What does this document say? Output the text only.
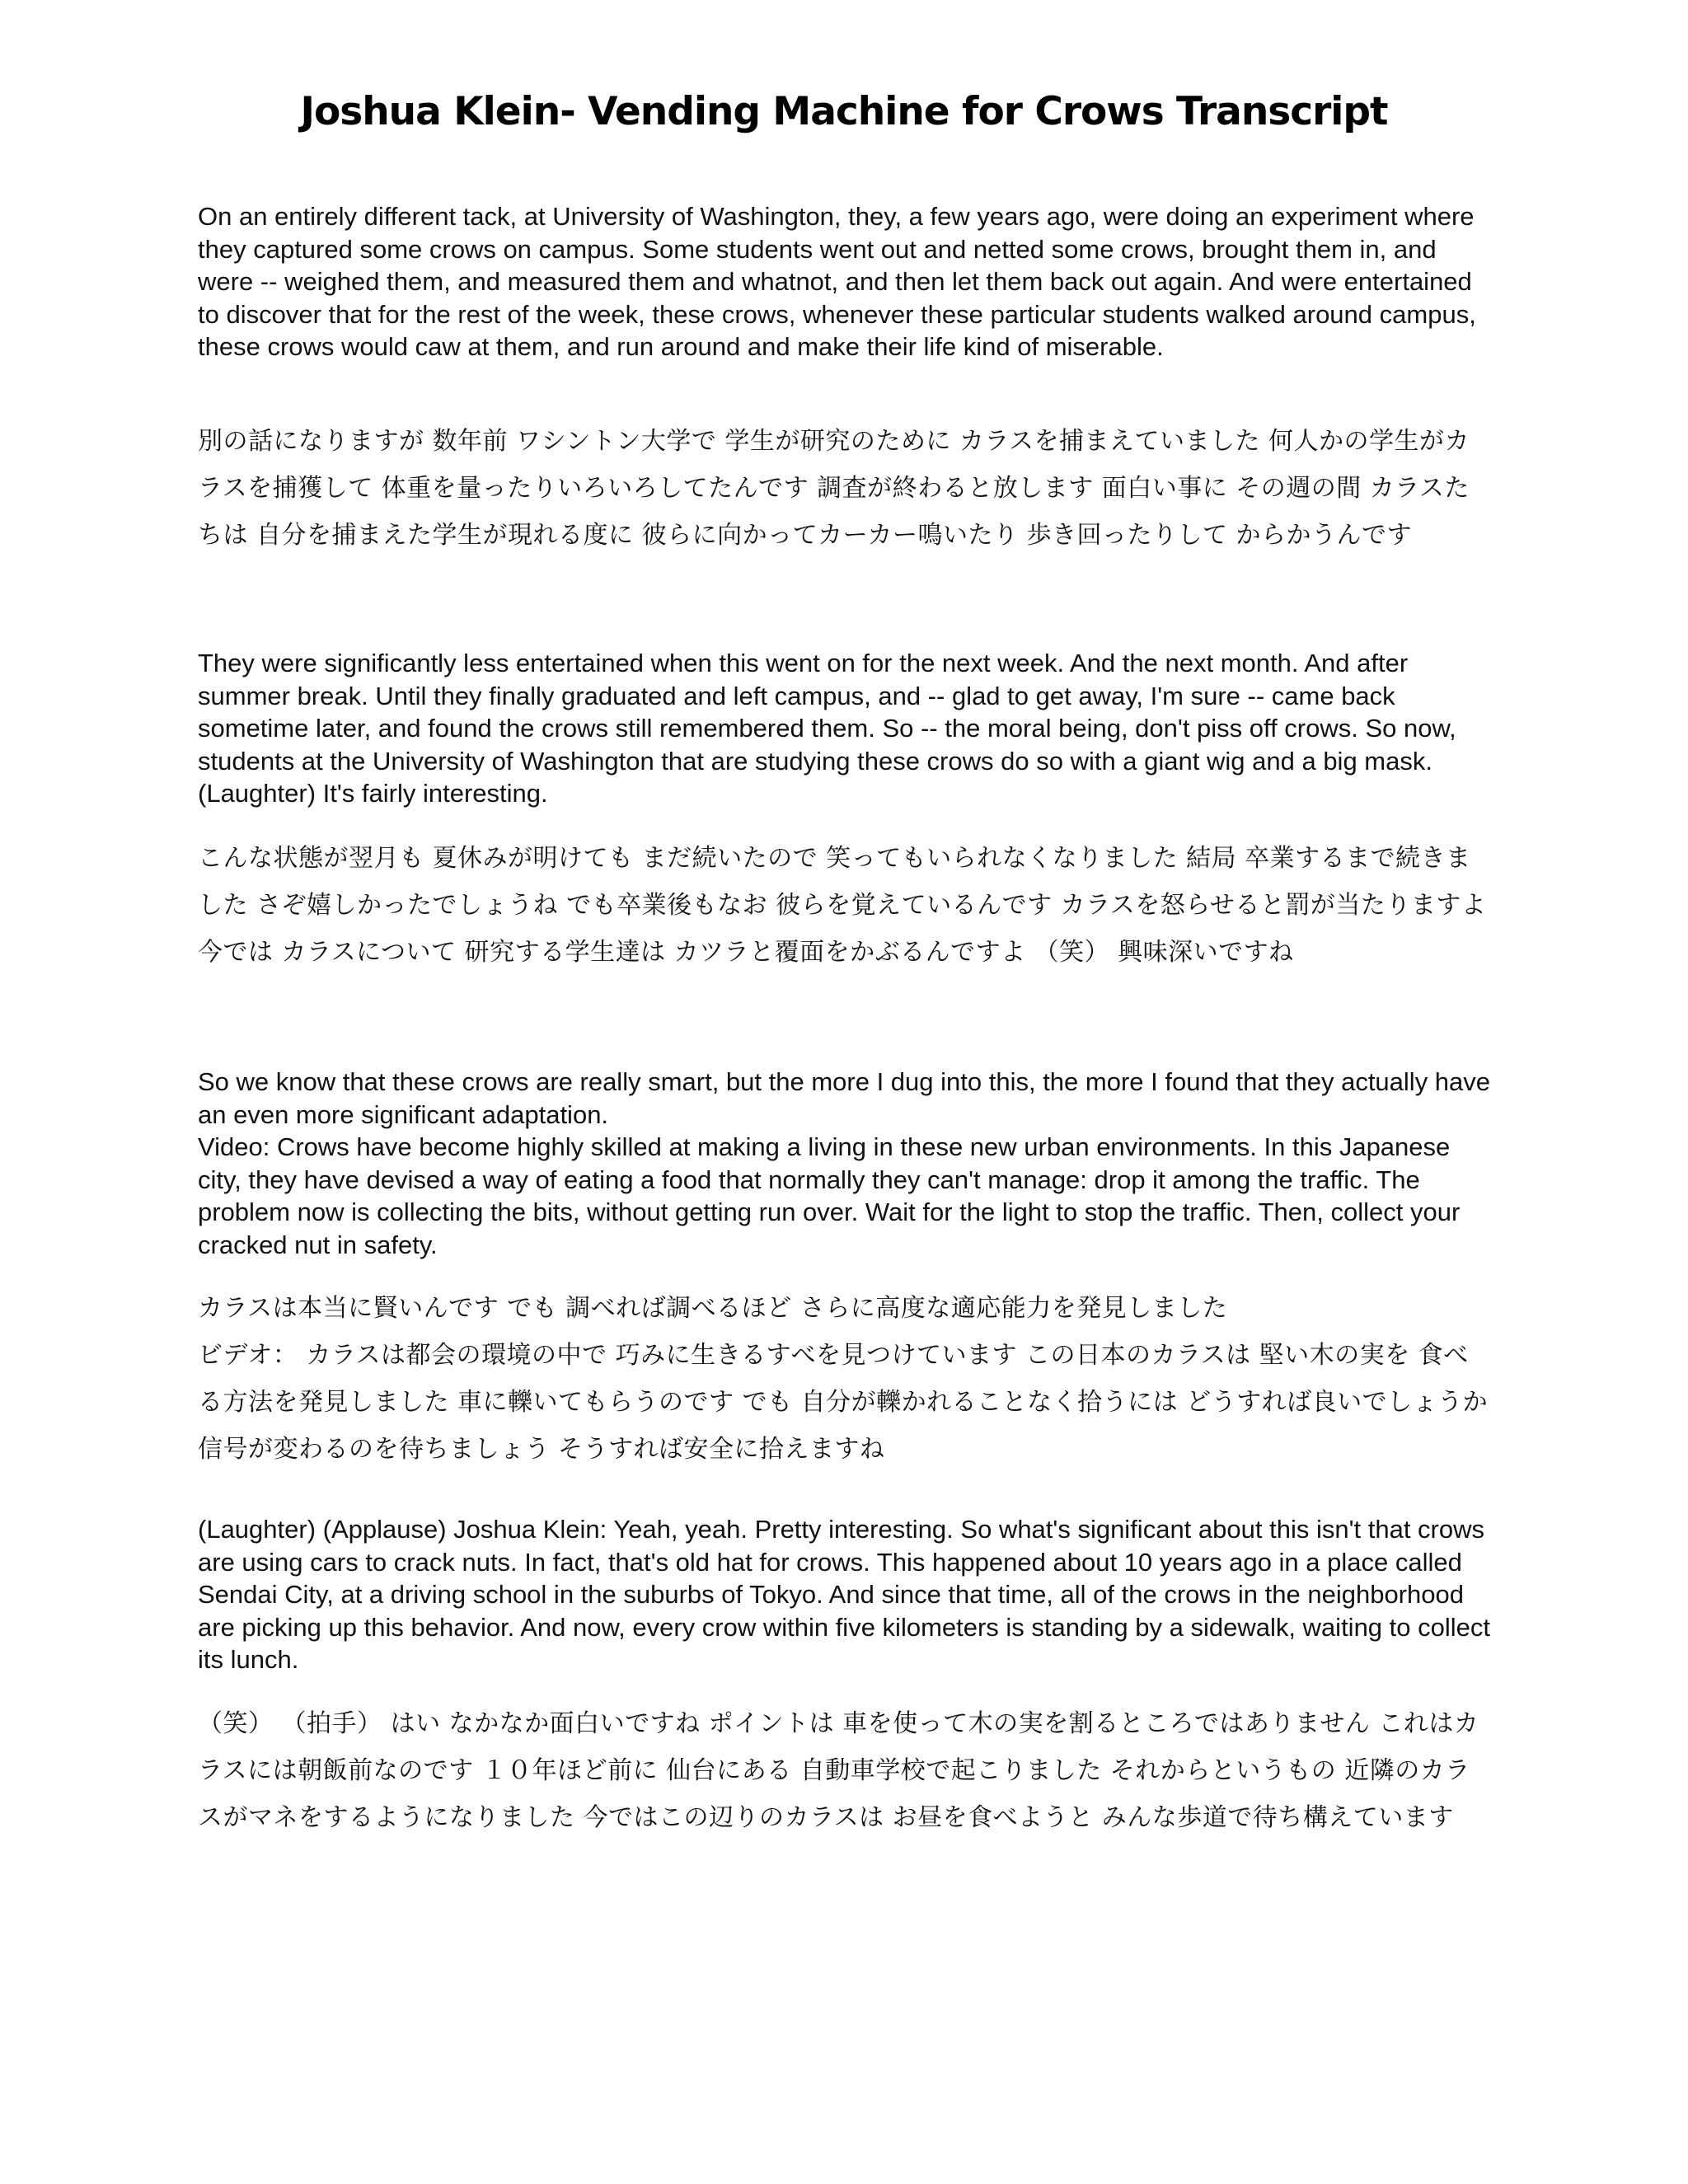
Joshua Klein- Vending Machine for Crows Transcript

On an entirely different tack, at University of Washington, they, a few years ago, were doing an experiment where they captured some crows on campus. Some students went out and netted some crows, brought them in, and were -- weighed them, and measured them and whatnot, and then let them back out again. And were entertained to discover that for the rest of the week, these crows, whenever these particular students walked around campus, these crows would caw at them, and run around and make their life kind of miserable.

別の話になりますが 数年前 ワシントン大学で 学生が研究のために カラスを捕まえていました 何人かの学生がカラスを捕獲して 体重を量ったりいろいろしてたんです 調査が終わると放します 面白い事に その週の間 カラスたちは 自分を捕まえた学生が現れる度に 彼らに向かってカーカー鳴いたり 歩き回ったりして からかうんです

They were significantly less entertained when this went on for the next week. And the next month. And after summer break. Until they finally graduated and left campus, and -- glad to get away, I'm sure -- came back sometime later, and found the crows still remembered them. So -- the moral being, don't piss off crows. So now, students at the University of Washington that are studying these crows do so with a giant wig and a big mask. (Laughter) It's fairly interesting.

こんな状態が翌月も 夏休みが明けても まだ続いたので 笑ってもいられなくなりました 結局 卒業するまで続きました さぞ嬉しかったでしょうね でも卒業後もなお 彼らを覚えているんです カラスを怒らせると罰が当たりますよ 今では カラスについて 研究する学生達は カツラと覆面をかぶるんですよ （笑） 興味深いですね

So we know that these crows are really smart, but the more I dug into this, the more I found that they actually have an even more significant adaptation.

Video: Crows have become highly skilled at making a living in these new urban environments. In this Japanese city, they have devised a way of eating a food that normally they can't manage: drop it among the traffic. The problem now is collecting the bits, without getting run over. Wait for the light to stop the traffic. Then, collect your cracked nut in safety.

カラスは本当に賢いんです でも 調べれば調べるほど さらに高度な適応能力を発見しました

ビデオ： カラスは都会の環境の中で 巧みに生きるすべを見つけています この日本のカラスは 堅い木の実を 食べる方法を発見しました 車に轢いてもらうのです でも 自分が轢かれることなく拾うには どうすれば良いでしょうか 信号が変わるのを待ちましょう そうすれば安全に拾えますね

(Laughter) (Applause) Joshua Klein: Yeah, yeah. Pretty interesting. So what's significant about this isn't that crows are using cars to crack nuts. In fact, that's old hat for crows. This happened about 10 years ago in a place called Sendai City, at a driving school in the suburbs of Tokyo. And since that time, all of the crows in the neighborhood are picking up this behavior. And now, every crow within five kilometers is standing by a sidewalk, waiting to collect its lunch.

（笑） （拍手） はい なかなか面白いですね ポイントは 車を使って木の実を割るところではありません これはカラスには朝飯前なのです １０年ほど前に 仙台にある 自動車学校で起こりました それからというもの 近隣のカラスがマネをするようになりました 今ではこの辺りのカラスは お昼を食べようと みんな歩道で待ち構えています
